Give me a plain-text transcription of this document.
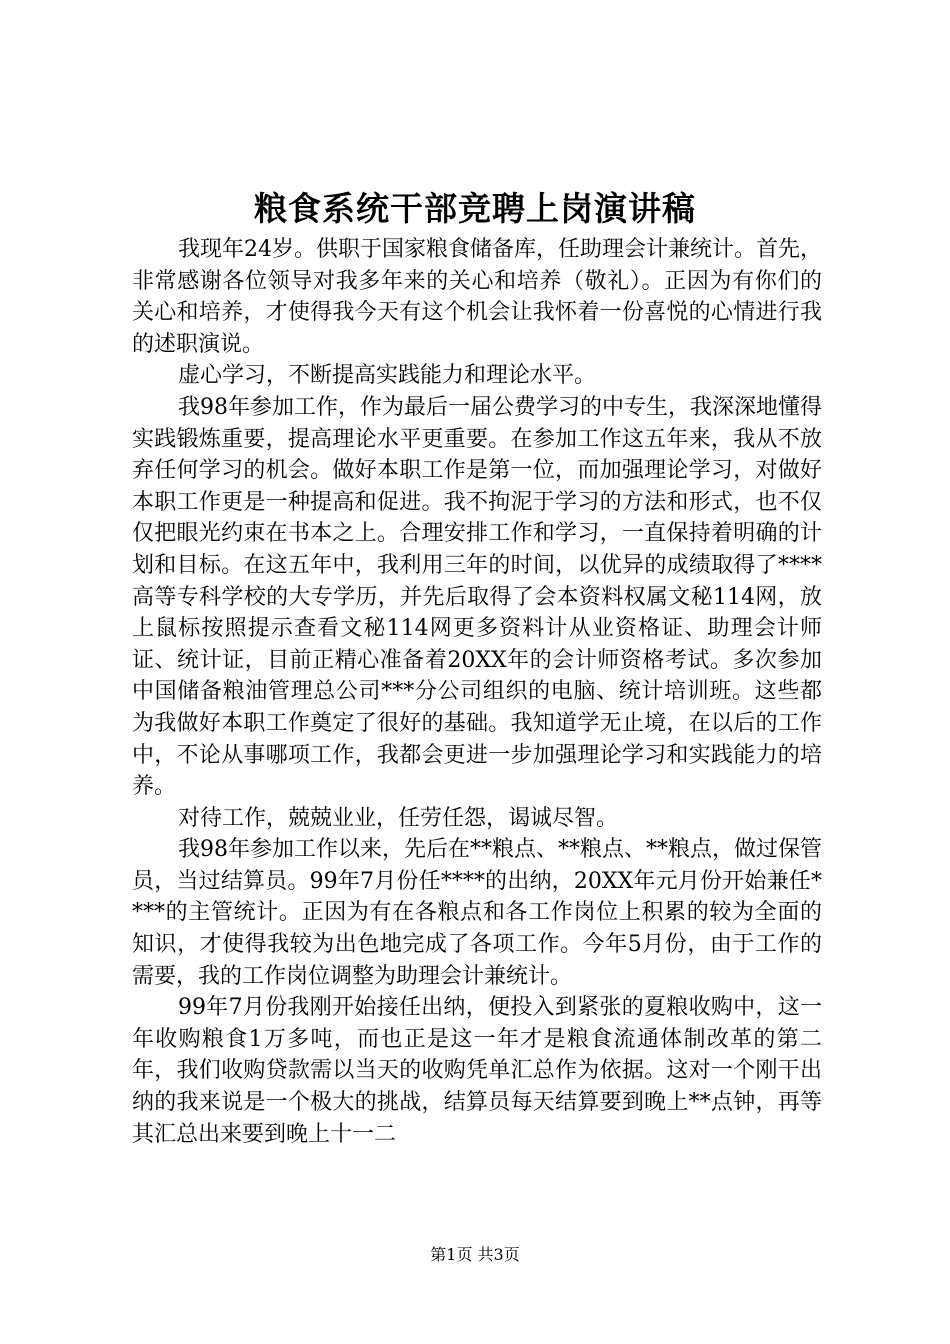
粮食系统干部竞聘上岗演讲稿

我现年24岁。供职于国家粮食储备库，任助理会计兼统计。首先，非常感谢各位领导对我多年来的关心和培养（敬礼）。正因为有你们的关心和培养，才使得我今天有这个机会让我怀着一份喜悦的心情进行我的述职演说。

虚心学习，不断提高实践能力和理论水平。

我98年参加工作，作为最后一届公费学习的中专生，我深深地懂得实践锻炼重要，提高理论水平更重要。在参加工作这五年来，我从不放弃任何学习的机会。做好本职工作是第一位，而加强理论学习，对做好本职工作更是一种提高和促进。我不拘泥于学习的方法和形式，也不仅仅把眼光约束在书本之上。合理安排工作和学习，一直保持着明确的计划和目标。在这五年中，我利用三年的时间，以优异的成绩取得了****高等专科学校的大专学历，并先后取得了会本资料权属文秘114网，放上鼠标按照提示查看文秘114网更多资料计从业资格证、助理会计师证、统计证，目前正精心准备着20XX年的会计师资格考试。多次参加中国储备粮油管理总公司***分公司组织的电脑、统计培训班。这些都为我做好本职工作奠定了很好的基础。我知道学无止境，在以后的工作中，不论从事哪项工作，我都会更进一步加强理论学习和实践能力的培养。

对待工作，兢兢业业，任劳任怨，谒诚尽智。

我98年参加工作以来，先后在**粮点、**粮点、**粮点，做过保管员，当过结算员。99年7月份任****的出纳，20XX年元月份开始兼任****的主管统计。正因为有在各粮点和各工作岗位上积累的较为全面的知识，才使得我较为出色地完成了各项工作。今年5月份，由于工作的需要，我的工作岗位调整为助理会计兼统计。

99年7月份我刚开始接任出纳，便投入到紧张的夏粮收购中，这一年收购粮食1万多吨，而也正是这一年才是粮食流通体制改革的第二年，我们收购贷款需以当天的收购凭单汇总作为依据。这对一个刚干出纳的我来说是一个极大的挑战，结算员每天结算要到晚上**点钟，再等其汇总出来要到晚上十一二

第1页 共3页
